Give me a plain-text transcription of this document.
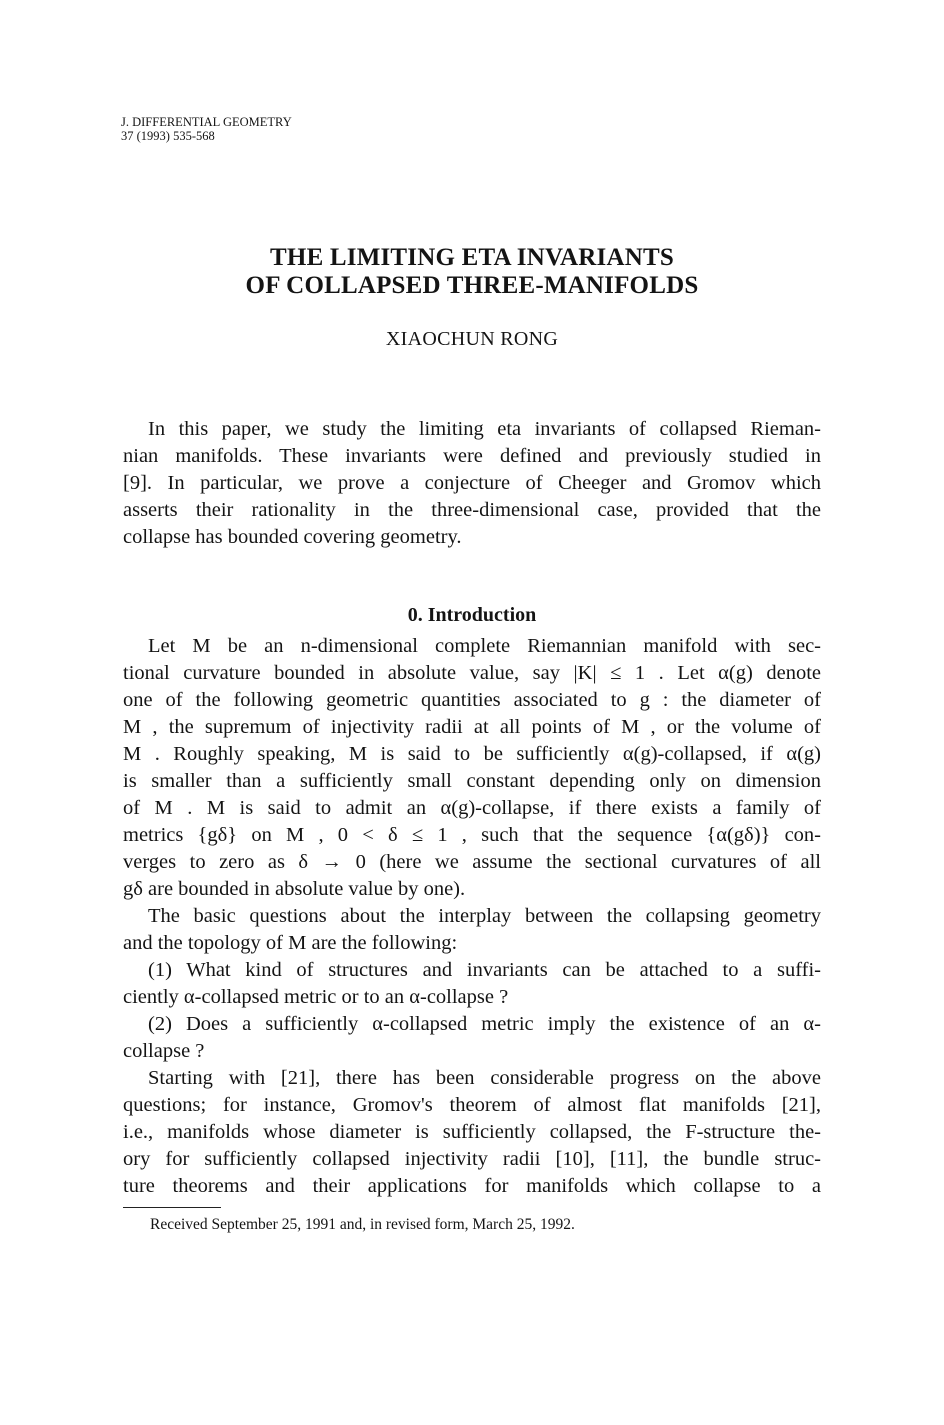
J. DIFFERENTIAL GEOMETRY
37 (1993) 535-568
THE LIMITING ETA INVARIANTS
OF COLLAPSED THREE-MANIFOLDS
XIAOCHUN RONG

In this paper, we study the limiting eta invariants of collapsed Rieman-

nian manifolds. These invariants were defined and previously studied in

[9]. In particular, we prove a conjecture of Cheeger and Gromov which

asserts their rationality in the three-dimensional case, provided that the

collapse has bounded covering geometry.

0. Introduction

Let M be an n-dimensional complete Riemannian manifold with sec-

tional curvature bounded in absolute value, say |K| ≤ 1 . Let α(g) denote

one of the following geometric quantities associated to g : the diameter of

M , the supremum of injectivity radii at all points of M , or the volume of

M . Roughly speaking, M is said to be sufficiently α(g)-collapsed, if α(g)

is smaller than a sufficiently small constant depending only on dimension

of M . M is said to admit an α(g)-collapse, if there exists a family of

metrics {gδ} on M , 0 < δ ≤ 1 , such that the sequence {α(gδ)} con-

verges to zero as δ → 0 (here we assume the sectional curvatures of all

gδ are bounded in absolute value by one).

The basic questions about the interplay between the collapsing geometry

and the topology of M are the following:

(1) What kind of structures and invariants can be attached to a suffi-

ciently α-collapsed metric or to an α-collapse ?

(2) Does a sufficiently α-collapsed metric imply the existence of an α-

collapse ?

Starting with [21], there has been considerable progress on the above

questions; for instance, Gromov's theorem of almost flat manifolds [21],

i.e., manifolds whose diameter is sufficiently collapsed, the F-structure the-

ory for sufficiently collapsed injectivity radii [10], [11], the bundle struc-

ture theorems and their applications for manifolds which collapse to a

Received September 25, 1991 and, in revised form, March 25, 1992.
